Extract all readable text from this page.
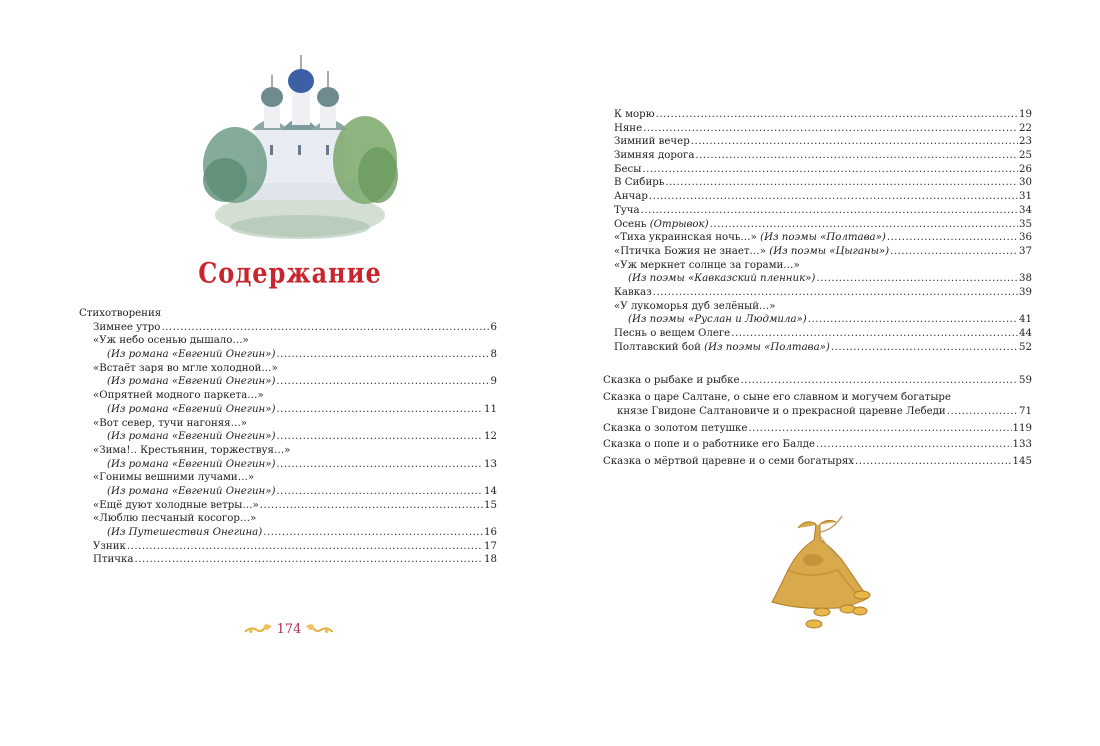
Содержание
Стихотворения
Зимнее утро .....	6
«Уж небо осенью дышало…»
(Из романа «Евгений Онегин») .....	8
«Встаёт заря во мгле холодной…»
(Из романа «Евгений Онегин») .....	9
«Опрятней модного паркета…»
(Из романа «Евгений Онегин») .....	11
«Вот север, тучи нагоняя…»
(Из романа «Евгений Онегин») .....	12
«Зима!.. Крестьянин, торжествуя…»
(Из романа «Евгений Онегин») .....	13
«Гонимы вешними лучами…»
(Из романа «Евгений Онегин») .....	14
«Ещё дуют холодные ветры…» .....	15
«Люблю песчаный косогор…»
(Из Путешествия Онегина) .....	16
Узник .....	17
Птичка .....	18
174
К морю .....	19
Няне .....	22
Зимний вечер .....	23
Зимняя дорога .....	25
Бесы .....	26
В Сибирь .....	30
Анчар .....	31
Туча .....	34
Осень (Отрывок) .....	35
«Тиха украинская ночь…» (Из поэмы «Полтава») .....	36
«Птичка Божия не знает…» (Из поэмы «Цыганы») .....	37
«Уж меркнет солнце за горами…»
(Из поэмы «Кавказский пленник») .....	38
Кавказ .....	39
«У лукоморья дуб зелёный…»
(Из поэмы «Руслан и Людмила») .....	41
Песнь о вещем Олеге .....	44
Полтавский бой (Из поэмы «Полтава») .....	52
Сказка о рыбаке и рыбке .....	59
Сказка о царе Салтане, о сыне его славном и могучем богатыре
князе Гвидоне Салтановиче и о прекрасной царевне Лебеди .....	71
Сказка о золотом петушке .....	119
Сказка о попе и о работнике его Балде .....	133
Сказка о мёртвой царевне и о семи богатырях .....	145
